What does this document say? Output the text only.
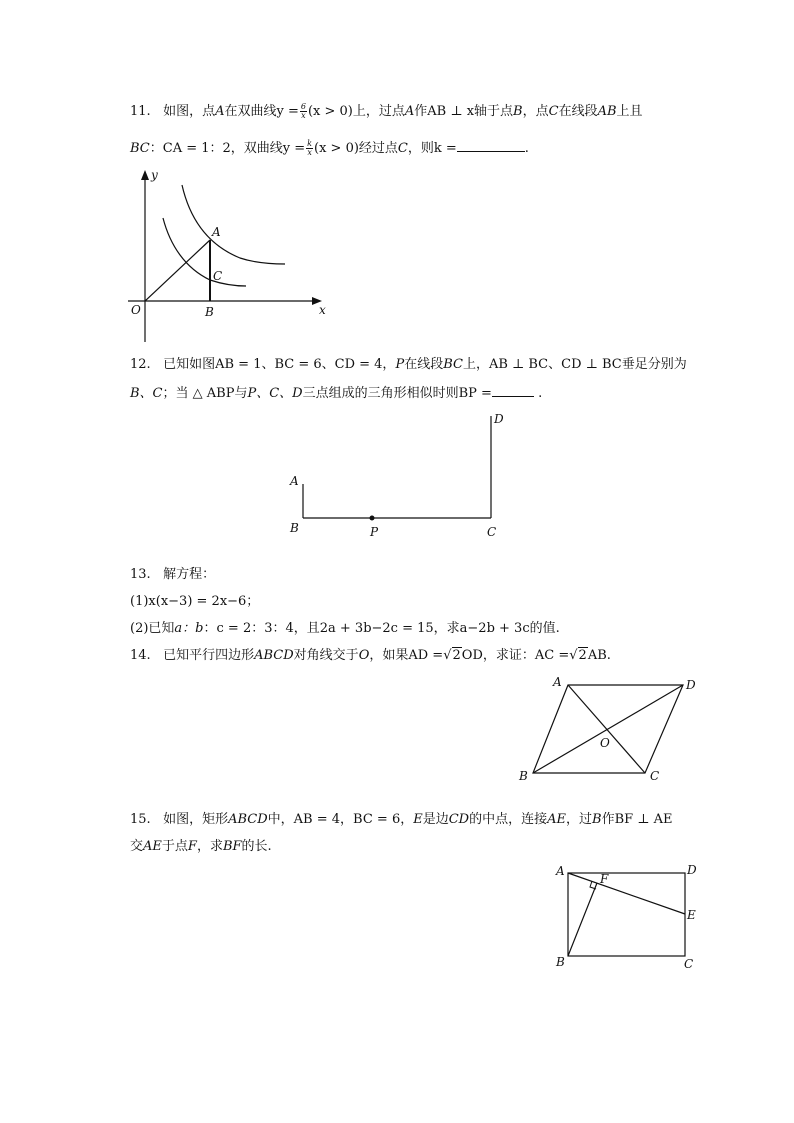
11. 如图，点A在双曲线$y = \frac{6}{x} (x > 0)$上，过点A作AB ⊥ x轴于点B，点C在线段AB上且
BC：CA = 1：2，双曲线$y = \frac{k}{x} (x > 0)$经过点C，则k =	.
y
x
O
A
B
C
12. 已知如图AB = 1、BC = 6、CD = 4，P在线段BC上，AB ⊥ BC、CD ⊥ BC垂足分别为
B、C；当 △ ABP与P、C、D三点组成的三角形相似时则BP =	.
A
B	P	C
D
13. 解方程：
(1)x(x−3) = 2x−6；
(2)已知a：b：c = 2：3：4，且2a + 3b−2c = 15，求a−2b + 3c的值.
14. 已知平行四边形ABCD对角线交于O，如果AD =√2OD，求证：AC =√2AB.
A	D
O
B	C
15. 如图，矩形ABCD中，AB = 4，BC = 6，E是边CD的中点，连接AE，过B作BF ⊥ AE
交AE于点F，求BF的长.
A	D
F
E
B	C
